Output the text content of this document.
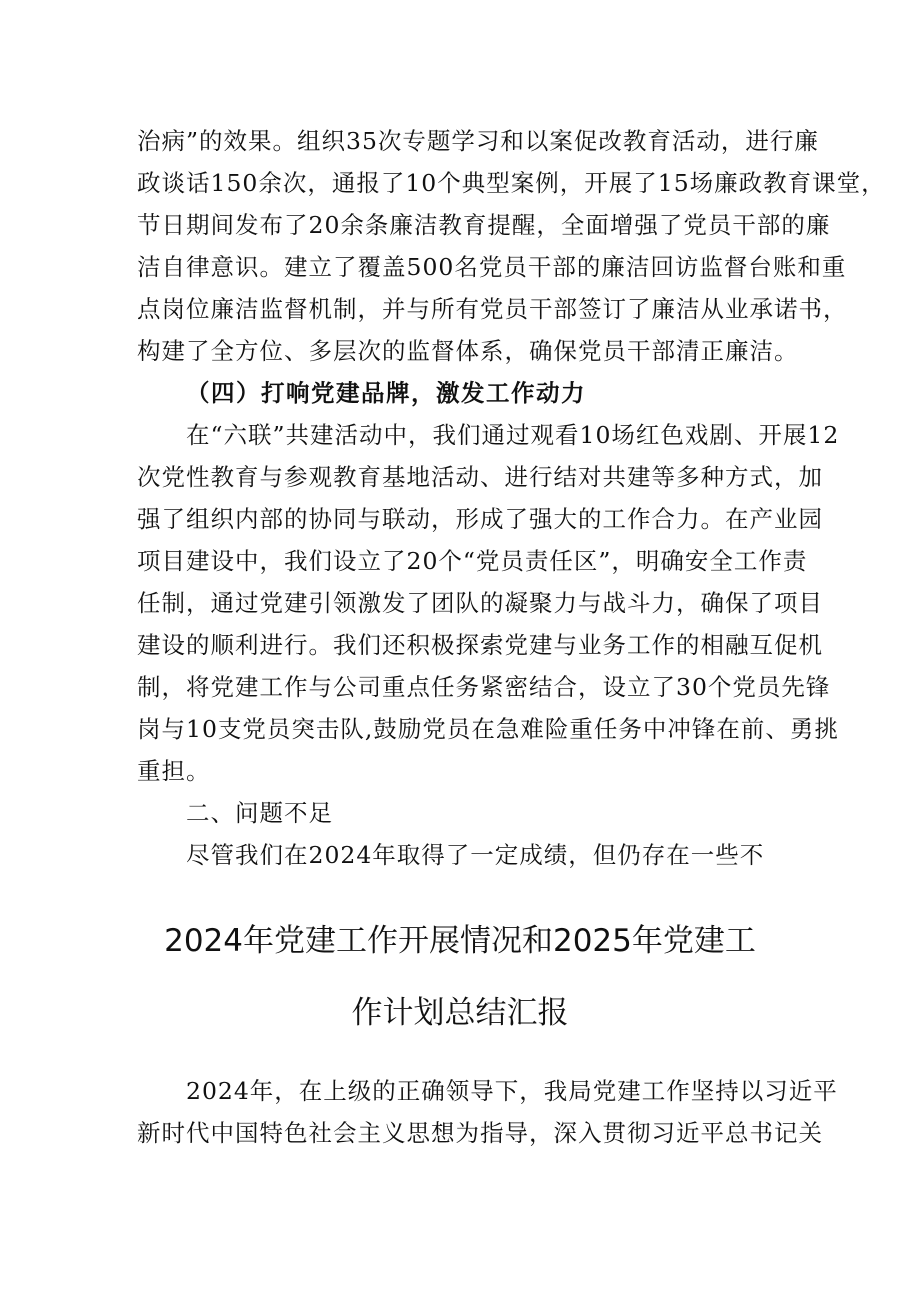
治病”的效果。组织35次专题学习和以案促改教育活动，进行廉
政谈话150余次，通报了10个典型案例，开展了15场廉政教育课堂，
节日期间发布了20余条廉洁教育提醒，全面增强了党员干部的廉
洁自律意识。建立了覆盖500名党员干部的廉洁回访监督台账和重
点岗位廉洁监督机制，并与所有党员干部签订了廉洁从业承诺书，
构建了全方位、多层次的监督体系，确保党员干部清正廉洁。
（四）打响党建品牌，激发工作动力
在“六联”共建活动中，我们通过观看10场红色戏剧、开展12
次党性教育与参观教育基地活动、进行结对共建等多种方式，加
强了组织内部的协同与联动，形成了强大的工作合力。在产业园
项目建设中，我们设立了20个“党员责任区”，明确安全工作责
任制，通过党建引领激发了团队的凝聚力与战斗力，确保了项目
建设的顺利进行。我们还积极探索党建与业务工作的相融互促机
制，将党建工作与公司重点任务紧密结合，设立了30个党员先锋
岗与10支党员突击队,鼓励党员在急难险重任务中冲锋在前、勇挑
重担。
二、问题不足
尽管我们在2024年取得了一定成绩，但仍存在一些不
2024年党建工作开展情况和2025年党建工
作计划总结汇报
2024年，在上级的正确领导下，我局党建工作坚持以习近平
新时代中国特色社会主义思想为指导，深入贯彻习近平总书记关
